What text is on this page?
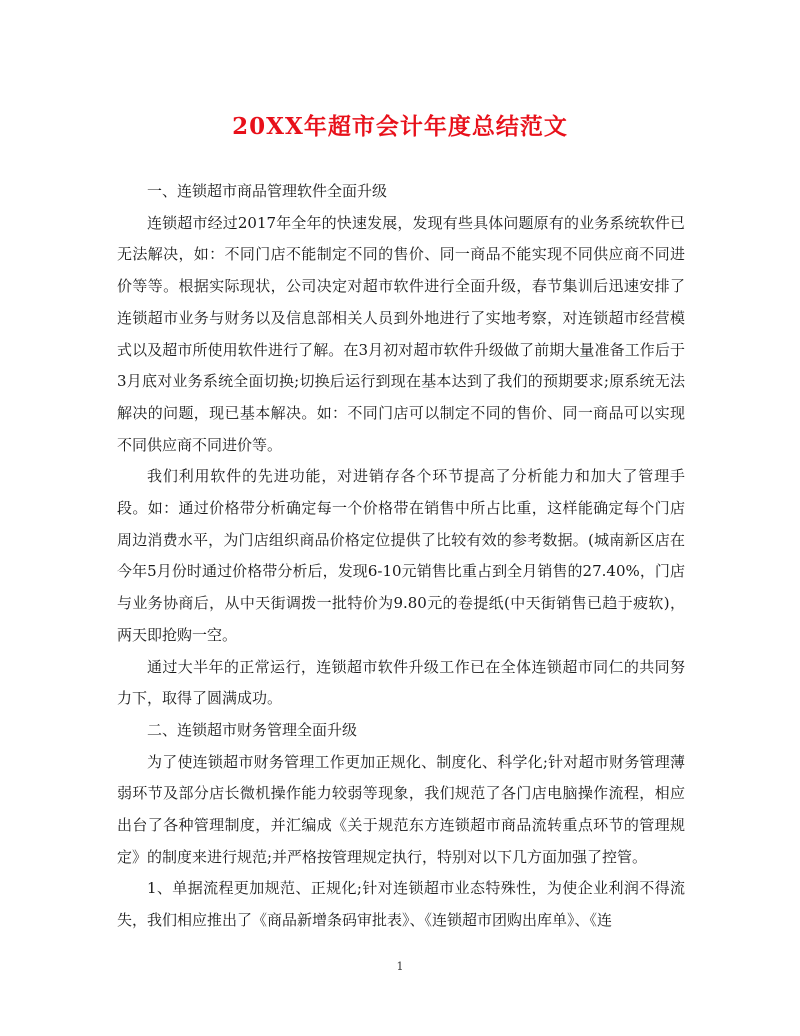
20XX年超市会计年度总结范文

一、连锁超市商品管理软件全面升级

连锁超市经过2017年全年的快速发展，发现有些具体问题原有的业务系统软件已无法解决，如：不同门店不能制定不同的售价、同一商品不能实现不同供应商不同进价等等。根据实际现状，公司决定对超市软件进行全面升级，春节集训后迅速安排了连锁超市业务与财务以及信息部相关人员到外地进行了实地考察，对连锁超市经营模式以及超市所使用软件进行了解。在3月初对超市软件升级做了前期大量准备工作后于3月底对业务系统全面切换;切换后运行到现在基本达到了我们的预期要求;原系统无法解决的问题，现已基本解决。如：不同门店可以制定不同的售价、同一商品可以实现不同供应商不同进价等。

我们利用软件的先进功能，对进销存各个环节提高了分析能力和加大了管理手段。如：通过价格带分析确定每一个价格带在销售中所占比重，这样能确定每个门店周边消费水平，为门店组织商品价格定位提供了比较有效的参考数据。(城南新区店在今年5月份时通过价格带分析后，发现6-10元销售比重占到全月销售的27.40%，门店与业务协商后，从中天街调拨一批特价为9.80元的卷提纸(中天街销售已趋于疲软)，两天即抢购一空。

通过大半年的正常运行，连锁超市软件升级工作已在全体连锁超市同仁的共同努力下，取得了圆满成功。

二、连锁超市财务管理全面升级

为了使连锁超市财务管理工作更加正规化、制度化、科学化;针对超市财务管理薄弱环节及部分店长微机操作能力较弱等现象，我们规范了各门店电脑操作流程，相应出台了各种管理制度，并汇编成《关于规范东方连锁超市商品流转重点环节的管理规定》的制度来进行规范;并严格按管理规定执行，特别对以下几方面加强了控管。

1、单据流程更加规范、正规化;针对连锁超市业态特殊性，为使企业利润不得流失，我们相应推出了《商品新增条码审批表》、《连锁超市团购出库单》、《连

1
